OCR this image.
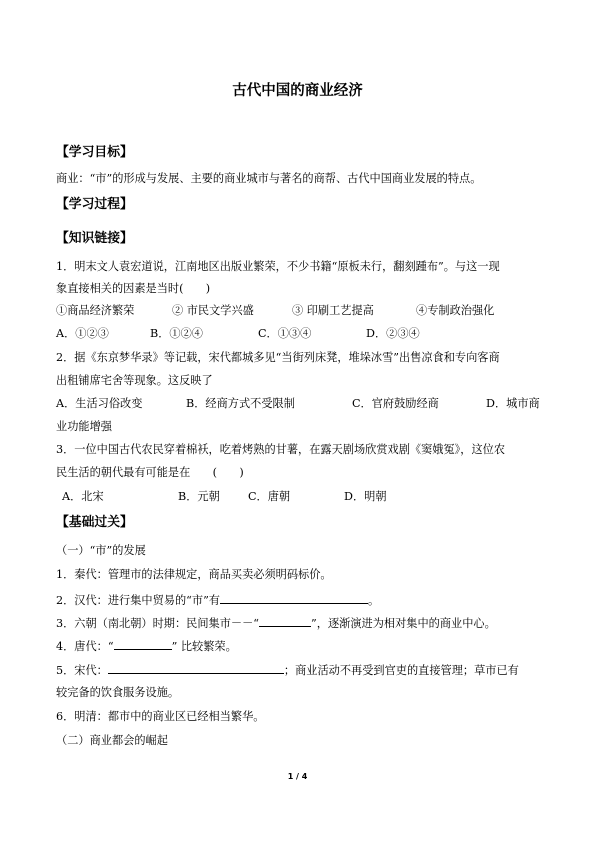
古代中国的商业经济
【学习目标】
商业：“市”的形成与发展、主要的商业城市与著名的商帮、古代中国商业发展的特点。
【学习过程】
【知识链接】
1．明末文人袁宏道说，江南地区出版业繁荣，不少书籍“原板未行，翻刻踵布”。与这一现
象直接相关的因素是当时(　　)
①商品经济繁荣	② 市民文学兴盛	③ 印刷工艺提高	④专制政治强化
A．①②③	B．①②④	C．①③④	D．②③④
2．据《东京梦华录》等记载，宋代都城多见“当街列床凳，堆垛冰雪”出售凉食和专向客商
出租铺席宅舍等现象。这反映了
A．生活习俗改变	B．经商方式不受限制	C．官府鼓励经商	D．城市商
业功能增强
3．一位中国古代农民穿着棉袄，吃着烤熟的甘薯，在露天剧场欣赏戏剧《窦娥冤》，这位农
民生活的朝代最有可能是在　　(　　)
A．北宋	B．元朝	C．唐朝	D．明朝
【基础过关】
（一）“市”的发展
1．秦代：管理市的法律规定，商品买卖必须明码标价。
2．汉代：进行集中贸易的“市”有	。
3．六朝（南北朝）时期：民间集市－－“	”，逐渐演进为相对集中的商业中心。
4．唐代：“	” 比较繁荣。
5．宋代：	；商业活动不再受到官吏的直接管理；草市已有
较完备的饮食服务设施。
6．明清：都市中的商业区已经相当繁华。
（二）商业都会的崛起
1 / 4
